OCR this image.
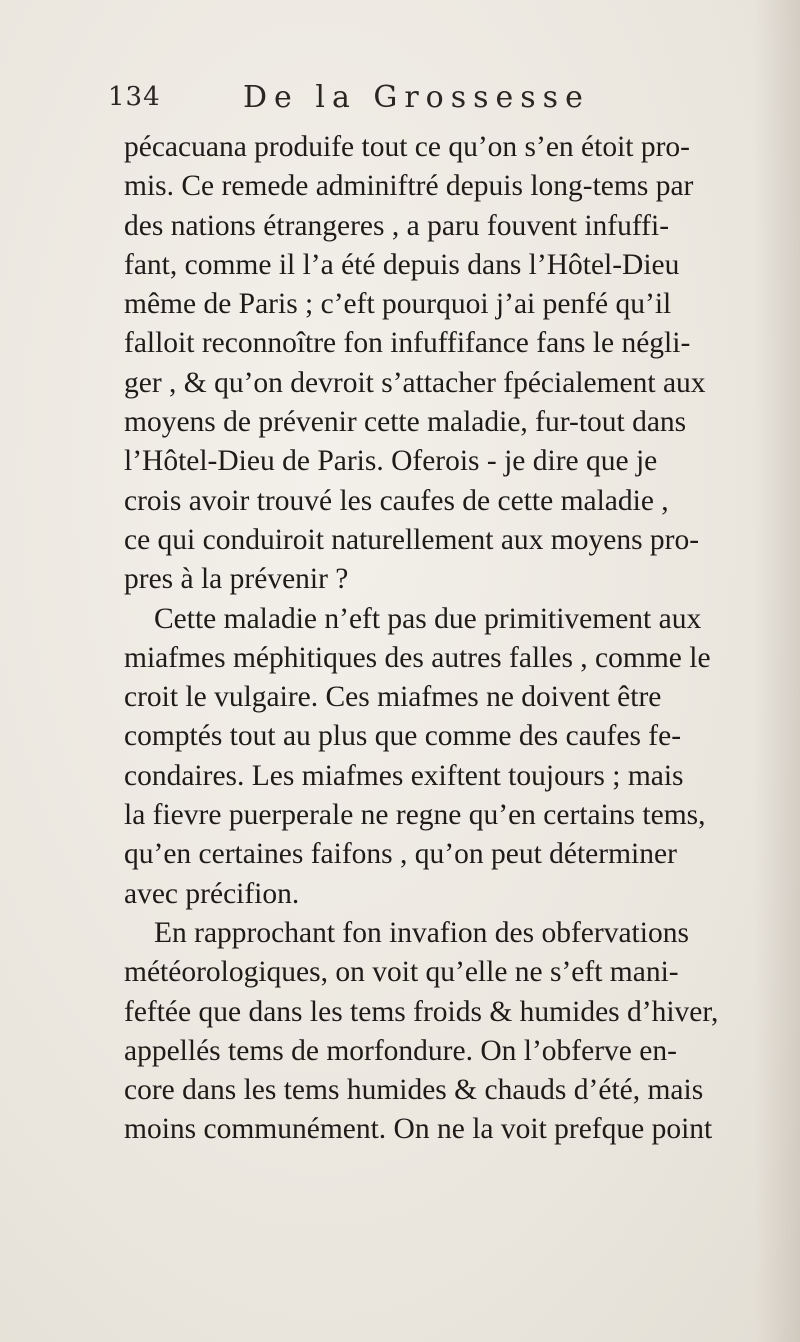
134	De la Grossesse
pécacuana produife tout ce qu’on s’en étoit pro-
mis. Ce remede adminiftré depuis long-tems par
des nations étrangeres , a paru fouvent infuffi-
fant, comme il l’a été depuis dans l’Hôtel-Dieu
même de Paris ; c’eft pourquoi j’ai penfé qu’il
falloit reconnoître fon infuffifance fans le négli-
ger , & qu’on devroit s’attacher fpécialement aux
moyens de prévenir cette maladie, fur-tout dans
l’Hôtel-Dieu de Paris. Oferois - je dire que je
crois avoir trouvé les caufes de cette maladie ,
ce qui conduiroit naturellement aux moyens pro-
pres à la prévenir ?
Cette maladie n’eft pas due primitivement aux
miafmes méphitiques des autres falles , comme le
croit le vulgaire. Ces miafmes ne doivent être
comptés tout au plus que comme des caufes fe-
condaires. Les miafmes exiftent toujours ; mais
la fievre puerperale ne regne qu’en certains tems,
qu’en certaines faifons , qu’on peut déterminer
avec précifion.
En rapprochant fon invafion des obfervations
météorologiques, on voit qu’elle ne s’eft mani-
feftée que dans les tems froids & humides d’hiver,
appellés tems de morfondure. On l’obferve en-
core dans les tems humides & chauds d’été, mais
moins communément. On ne la voit prefque point
